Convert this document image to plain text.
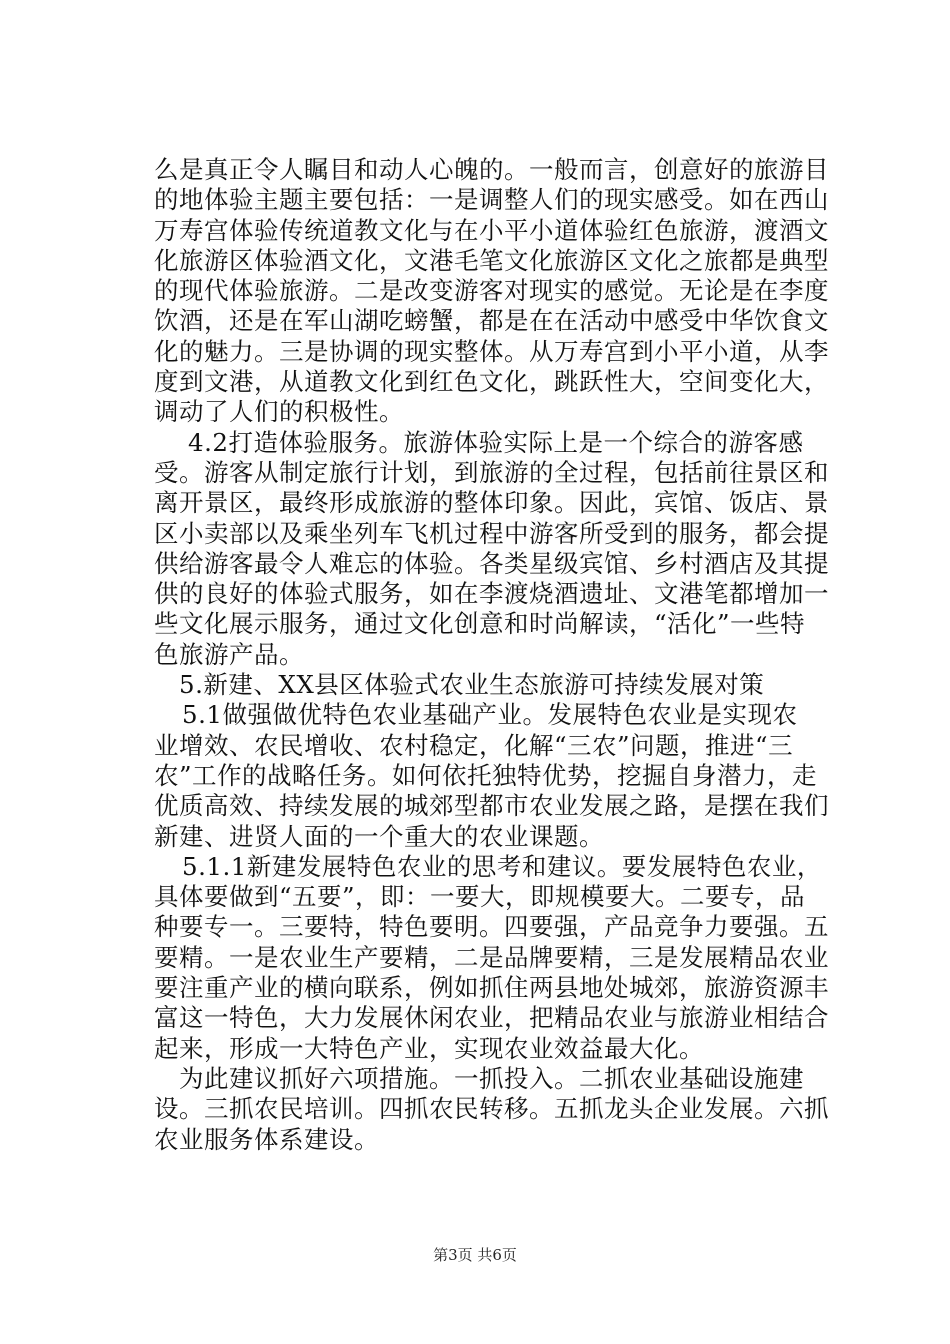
么是真正令人瞩目和动人心魄的。一般而言，创意好的旅游目
的地体验主题主要包括：一是调整人们的现实感受。如在西山
万寿宫体验传统道教文化与在小平小道体验红色旅游，渡酒文
化旅游区体验酒文化，文港毛笔文化旅游区文化之旅都是典型
的现代体验旅游。二是改变游客对现实的感觉。无论是在李度
饮酒，还是在军山湖吃螃蟹，都是在在活动中感受中华饮食文
化的魅力。三是协调的现实整体。从万寿宫到小平小道，从李
度到文港，从道教文化到红色文化，跳跃性大，空间变化大，
调动了人们的积极性。
4.2打造体验服务。旅游体验实际上是一个综合的游客感
受。游客从制定旅行计划，到旅游的全过程，包括前往景区和
离开景区，最终形成旅游的整体印象。因此，宾馆、饭店、景
区小卖部以及乘坐列车飞机过程中游客所受到的服务，都会提
供给游客最令人难忘的体验。各类星级宾馆、乡村酒店及其提
供的良好的体验式服务，如在李渡烧酒遗址、文港笔都增加一
些文化展示服务，通过文化创意和时尚解读，“活化”一些特
色旅游产品。
5.新建、XX县区体验式农业生态旅游可持续发展对策
5.1做强做优特色农业基础产业。发展特色农业是实现农
业增效、农民增收、农村稳定，化解“三农”问题，推进“三
农”工作的战略任务。如何依托独特优势，挖掘自身潜力，走
优质高效、持续发展的城郊型都市农业发展之路，是摆在我们
新建、进贤人面的一个重大的农业课题。
5.1.1新建发展特色农业的思考和建议。要发展特色农业，
具体要做到“五要”，即：一要大，即规模要大。二要专，品
种要专一。三要特，特色要明。四要强，产品竞争力要强。五
要精。一是农业生产要精，二是品牌要精，三是发展精品农业
要注重产业的横向联系，例如抓住两县地处城郊，旅游资源丰
富这一特色，大力发展休闲农业，把精品农业与旅游业相结合
起来，形成一大特色产业，实现农业效益最大化。
为此建议抓好六项措施。一抓投入。二抓农业基础设施建
设。三抓农民培训。四抓农民转移。五抓龙头企业发展。六抓
农业服务体系建设。
第3页 共6页
